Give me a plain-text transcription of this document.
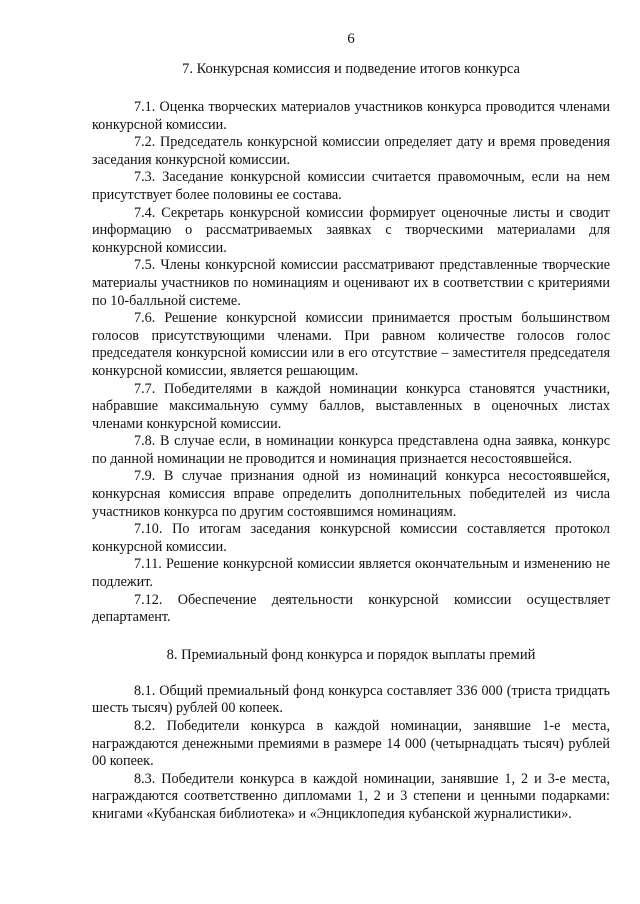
6
7. Конкурсная комиссия и подведение итогов конкурса

7.1. Оценка творческих материалов участников конкурса проводится членами конкурсной комиссии.

7.2. Председатель конкурсной комиссии определяет дату и время проведения заседания конкурсной комиссии.

7.3. Заседание конкурсной комиссии считается правомочным, если на нем присутствует более половины ее состава.

7.4. Секретарь конкурсной комиссии формирует оценочные листы и сводит информацию о рассматриваемых заявках с творческими материалами для конкурсной комиссии.

7.5. Члены конкурсной комиссии рассматривают представленные творческие материалы участников по номинациям и оценивают их в соответствии с критериями по 10-балльной системе.

7.6. Решение конкурсной комиссии принимается простым большинством голосов присутствующими членами. При равном количестве голосов голос председателя конкурсной комиссии или в его отсутствие – заместителя председателя конкурсной комиссии, является решающим.

7.7. Победителями в каждой номинации конкурса становятся участники, набравшие максимальную сумму баллов, выставленных в оценочных листах членами конкурсной комиссии.

7.8. В случае если, в номинации конкурса представлена одна заявка, конкурс по данной номинации не проводится и номинация признается несостоявшейся.

7.9. В случае признания одной из номинаций конкурса несостоявшейся, конкурсная комиссия вправе определить дополнительных победителей из числа участников конкурса по другим состоявшимся номинациям.

7.10. По итогам заседания конкурсной комиссии составляется протокол конкурсной комиссии.

7.11. Решение конкурсной комиссии является окончательным и изменению не подлежит.

7.12. Обеспечение деятельности конкурсной комиссии осуществляет департамент.

8. Премиальный фонд конкурса и порядок выплаты премий

8.1. Общий премиальный фонд конкурса составляет 336 000 (триста тридцать шесть тысяч) рублей 00 копеек.

8.2. Победители конкурса в каждой номинации, занявшие 1-е места, награждаются денежными премиями в размере 14 000 (четырнадцать тысяч) рублей 00 копеек.

8.3. Победители конкурса в каждой номинации, занявшие 1, 2 и 3-е места, награждаются соответственно дипломами 1, 2 и 3 степени и ценными подарками: книгами «Кубанская библиотека» и «Энциклопедия кубанской журналистики».
